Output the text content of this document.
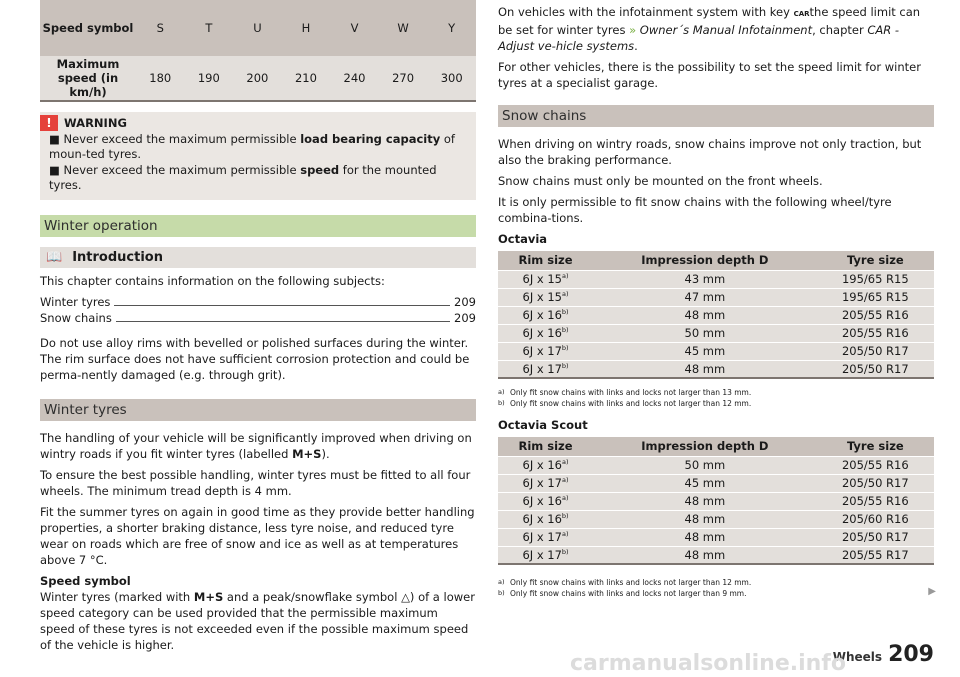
Speed symbol	S	T	U	H	V	W	Y
Maximum speed (in km/h)	180	190	200	210	240	270	300
!	WARNING

■ Never exceed the maximum permissible load bearing capacity of moun-ted tyres.

■ Never exceed the maximum permissible speed for the mounted tyres.

Winter operation
📖 Introduction

This chapter contains information on the following subjects:

Winter tyres	209
Snow chains	209

Do not use alloy rims with bevelled or polished surfaces during the winter. The rim surface does not have sufficient corrosion protection and could be perma-nently damaged (e.g. through grit).

Winter tyres

The handling of your vehicle will be significantly improved when driving on wintry roads if you fit winter tyres (labelled M+S).

To ensure the best possible handling, winter tyres must be fitted to all four wheels. The minimum tread depth is 4 mm.

Fit the summer tyres on again in good time as they provide better handling properties, a shorter braking distance, less tyre noise, and reduced tyre wear on roads which are free of snow and ice as well as at temperatures above 7 °C.

Speed symbol

Winter tyres (marked with M+S and a peak/snowflake symbol △) of a lower speed category can be used provided that the permissible maximum speed of these tyres is not exceeded even if the possible maximum speed of the vehicle is higher.

On vehicles with the infotainment system with key CARthe speed limit can be set for winter tyres » Owner´s Manual Infotainment, chapter CAR - Adjust ve-hicle systems.

For other vehicles, there is the possibility to set the speed limit for winter tyres at a specialist garage.

Snow chains

When driving on wintry roads, snow chains improve not only traction, but also the braking performance.

Snow chains must only be mounted on the front wheels.

It is only permissible to fit snow chains with the following wheel/tyre combina-tions.

Octavia

Rim size	Impression depth D	Tyre size
6J x 15$^{a)}$	43 mm	195/65 R15
6J x 15$^{a)}$	47 mm	195/65 R15
6J x 16$^{b)}$	48 mm	205/55 R16
6J x 16$^{b)}$	50 mm	205/55 R16
6J x 17$^{b)}$	45 mm	205/50 R17
6J x 17$^{b)}$	48 mm	205/50 R17
a) Only fit snow chains with links and locks not larger than 13 mm.
b) Only fit snow chains with links and locks not larger than 12 mm.

Octavia Scout

Rim size	Impression depth D	Tyre size
6J x 16$^{a)}$	50 mm	205/55 R16
6J x 17$^{a)}$	45 mm	205/50 R17
6J x 16$^{a)}$	48 mm	205/55 R16
6J x 16$^{b)}$	48 mm	205/60 R16
6J x 17$^{a)}$	48 mm	205/50 R17
6J x 17$^{b)}$	48 mm	205/55 R17
a) Only fit snow chains with links and locks not larger than 12 mm.
b) Only fit snow chains with links and locks not larger than 9 mm.	▶
Wheels 209
carmanualsonline.info
